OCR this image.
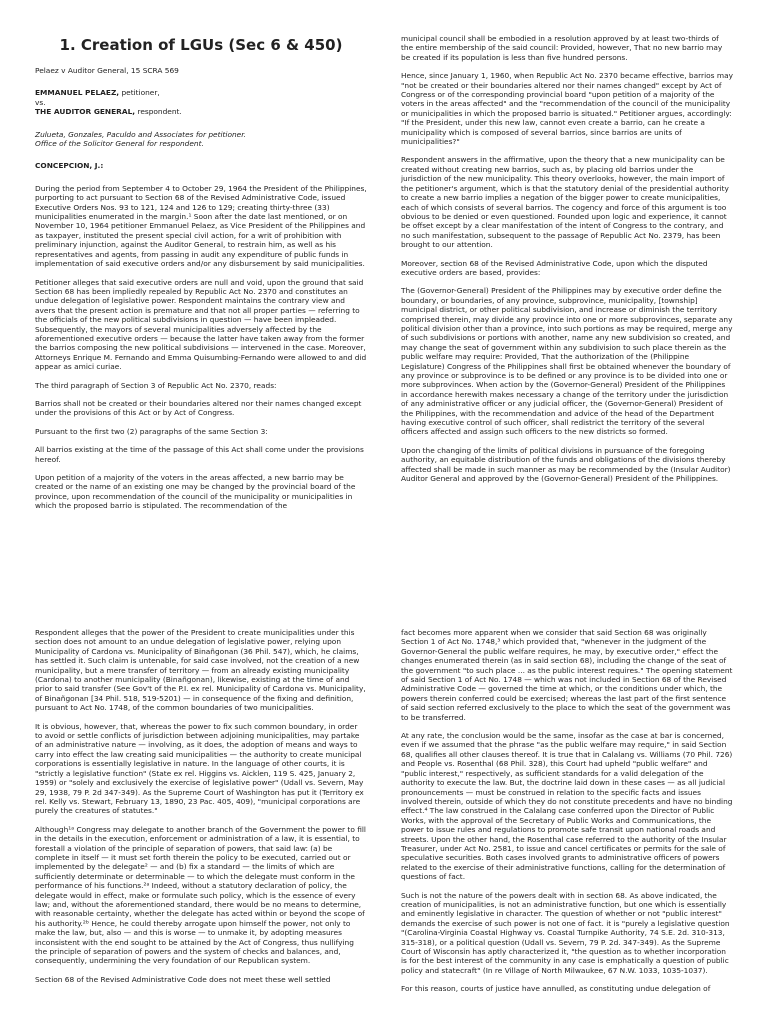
1. Creation of LGUs (Sec 6 & 450)

Pelaez v Auditor General, 15 SCRA 569

EMMANUEL PELAEZ, petitioner,
vs.
THE AUDITOR GENERAL, respondent.
Zulueta, Gonzales, Paculdo and Associates for petitioner.
Office of the Solicitor General for respondent.

CONCEPCION, J.:

During the period from September 4 to October 29, 1964 the President of the Philippines, purporting to act pursuant to Section 68 of the Revised Administrative Code, issued Executive Orders Nos. 93 to 121, 124 and 126 to 129; creating thirty-three (33) municipalities enumerated in the margin.¹ Soon after the date last mentioned, or on November 10, 1964 petitioner Emmanuel Pelaez, as Vice President of the Philippines and as taxpayer, instituted the present special civil action, for a writ of prohibition with preliminary injunction, against the Auditor General, to restrain him, as well as his representatives and agents, from passing in audit any expenditure of public funds in implementation of said executive orders and/or any disbursement by said municipalities.

Petitioner alleges that said executive orders are null and void, upon the ground that said Section 68 has been impliedly repealed by Republic Act No. 2370 and constitutes an undue delegation of legislative power. Respondent maintains the contrary view and avers that the present action is premature and that not all proper parties — referring to the officials of the new political subdivisions in question — have been impleaded. Subsequently, the mayors of several municipalities adversely affected by the aforementioned executive orders — because the latter have taken away from the former the barrios composing the new political subdivisions — intervened in the case. Moreover, Attorneys Enrique M. Fernando and Emma Quisumbing-Fernando were allowed to and did appear as amici curiae.

The third paragraph of Section 3 of Republic Act No. 2370, reads:

Barrios shall not be created or their boundaries altered nor their names changed except under the provisions of this Act or by Act of Congress.

Pursuant to the first two (2) paragraphs of the same Section 3:

All barrios existing at the time of the passage of this Act shall come under the provisions hereof.

Upon petition of a majority of the voters in the areas affected, a new barrio may be created or the name of an existing one may be changed by the provincial board of the province, upon recommendation of the council of the municipality or municipalities in which the proposed barrio is stipulated. The recommendation of the

municipal council shall be embodied in a resolution approved by at least two-thirds of the entire membership of the said council: Provided, however, That no new barrio may be created if its population is less than five hundred persons.

Hence, since January 1, 1960, when Republic Act No. 2370 became effective, barrios may "not be created or their boundaries altered nor their names changed" except by Act of Congress or of the corresponding provincial board "upon petition of a majority of the voters in the areas affected" and the "recommendation of the council of the municipality or municipalities in which the proposed barrio is situated." Petitioner argues, accordingly: "If the President, under this new law, cannot even create a barrio, can he create a municipality which is composed of several barrios, since barrios are units of municipalities?"

Respondent answers in the affirmative, upon the theory that a new municipality can be created without creating new barrios, such as, by placing old barrios under the jurisdiction of the new municipality. This theory overlooks, however, the main import of the petitioner's argument, which is that the statutory denial of the presidential authority to create a new barrio implies a negation of the bigger power to create municipalities, each of which consists of several barrios. The cogency and force of this argument is too obvious to be denied or even questioned. Founded upon logic and experience, it cannot be offset except by a clear manifestation of the intent of Congress to the contrary, and no such manifestation, subsequent to the passage of Republic Act No. 2379, has been brought to our attention.

Moreover, section 68 of the Revised Administrative Code, upon which the disputed executive orders are based, provides:

The (Governor-General) President of the Philippines may by executive order define the boundary, or boundaries, of any province, subprovince, municipality, [township] municipal district, or other political subdivision, and increase or diminish the territory comprised therein, may divide any province into one or more subprovinces, separate any political division other than a province, into such portions as may be required, merge any of such subdivisions or portions with another, name any new subdivision so created, and may change the seat of government within any subdivision to such place therein as the public welfare may require: Provided, That the authorization of the (Philippine Legislature) Congress of the Philippines shall first be obtained whenever the boundary of any province or subprovince is to be defined or any province is to be divided into one or more subprovinces. When action by the (Governor-General) President of the Philippines in accordance herewith makes necessary a change of the territory under the jurisdiction of any administrative officer or any judicial officer, the (Governor-General) President of the Philippines, with the recommendation and advice of the head of the Department having executive control of such officer, shall redistrict the territory of the several officers affected and assign such officers to the new districts so formed.

Upon the changing of the limits of political divisions in pursuance of the foregoing authority, an equitable distribution of the funds and obligations of the divisions thereby affected shall be made in such manner as may be recommended by the (Insular Auditor) Auditor General and approved by the (Governor-General) President of the Philippines.

Respondent alleges that the power of the President to create municipalities under this section does not amount to an undue delegation of legislative power, relying upon Municipality of Cardona vs. Municipality of Binañgonan (36 Phil. 547), which, he claims, has settled it. Such claim is untenable, for said case involved, not the creation of a new municipality, but a mere transfer of territory — from an already existing municipality (Cardona) to another municipality (Binañgonan), likewise, existing at the time of and prior to said transfer (See Gov't of the P.I. ex rel. Municipality of Cardona vs. Municipality, of Binañgonan [34 Phil. 518, 519-5201) — in consequence of the fixing and definition, pursuant to Act No. 1748, of the common boundaries of two municipalities.

It is obvious, however, that, whereas the power to fix such common boundary, in order to avoid or settle conflicts of jurisdiction between adjoining municipalities, may partake of an administrative nature — involving, as it does, the adoption of means and ways to carry into effect the law creating said municipalities — the authority to create municipal corporations is essentially legislative in nature. In the language of other courts, it is "strictly a legislative function" (State ex rel. Higgins vs. Aicklen, 119 S. 425, January 2, 1959) or "solely and exclusively the exercise of legislative power" (Udall vs. Severn, May 29, 1938, 79 P. 2d 347-349). As the Supreme Court of Washington has put it (Territory ex rel. Kelly vs. Stewart, February 13, 1890, 23 Pac. 405, 409), "municipal corporations are purely the creatures of statutes."

Although¹ᵃ Congress may delegate to another branch of the Government the power to fill in the details in the execution, enforcement or administration of a law, it is essential, to forestall a violation of the principle of separation of powers, that said law: (a) be complete in itself — it must set forth therein the policy to be executed, carried out or implemented by the delegate² — and (b) fix a standard — the limits of which are sufficiently determinate or determinable — to which the delegate must conform in the performance of his functions.²ᵃ Indeed, without a statutory declaration of policy, the delegate would in effect, make or formulate such policy, which is the essence of every law; and, without the aforementioned standard, there would be no means to determine, with reasonable certainty, whether the delegate has acted within or beyond the scope of his authority.²ᵇ Hence, he could thereby arrogate upon himself the power, not only to make the law, but, also — and this is worse — to unmake it, by adopting measures inconsistent with the end sought to be attained by the Act of Congress, thus nullifying the principle of separation of powers and the system of checks and balances, and, consequently, undermining the very foundation of our Republican system.

Section 68 of the Revised Administrative Code does not meet these well settled

fact becomes more apparent when we consider that said Section 68 was originally Section 1 of Act No. 1748,³ which provided that, "whenever in the judgment of the Governor-General the public welfare requires, he may, by executive order," effect the changes enumerated therein (as in said section 68), including the change of the seat of the government "to such place ... as the public interest requires." The opening statement of said Section 1 of Act No. 1748 — which was not included in Section 68 of the Revised Administrative Code — governed the time at which, or the conditions under which, the powers therein conferred could be exercised; whereas the last part of the first sentence of said section referred exclusively to the place to which the seat of the government was to be transferred.

At any rate, the conclusion would be the same, insofar as the case at bar is concerned, even if we assumed that the phrase "as the public welfare may require," in said Section 68, qualifies all other clauses thereof. It is true that in Calalang vs. Williams (70 Phil. 726) and People vs. Rosenthal (68 Phil. 328), this Court had upheld "public welfare" and "public interest," respectively, as sufficient standards for a valid delegation of the authority to execute the law. But, the doctrine laid down in these cases — as all judicial pronouncements — must be construed in relation to the specific facts and issues involved therein, outside of which they do not constitute precedents and have no binding effect.⁴ The law construed in the Calalang case conferred upon the Director of Public Works, with the approval of the Secretary of Public Works and Communications, the power to issue rules and regulations to promote safe transit upon national roads and streets. Upon the other hand, the Rosenthal case referred to the authority of the Insular Treasurer, under Act No. 2581, to issue and cancel certificates or permits for the sale of speculative securities. Both cases involved grants to administrative officers of powers related to the exercise of their administrative functions, calling for the determination of questions of fact.

Such is not the nature of the powers dealt with in section 68. As above indicated, the creation of municipalities, is not an administrative function, but one which is essentially and eminently legislative in character. The question of whether or not "public interest" demands the exercise of such power is not one of fact. it is "purely a legislative question "(Carolina-Virginia Coastal Highway vs. Coastal Turnpike Authority, 74 S.E. 2d. 310-313, 315-318), or a political question (Udall vs. Severn, 79 P. 2d. 347-349). As the Supreme Court of Wisconsin has aptly characterized it, "the question as to whether incorporation is for the best interest of the community in any case is emphatically a question of public policy and statecraft" (In re Village of North Milwaukee, 67 N.W. 1033, 1035-1037).

For this reason, courts of justice have annulled, as constituting undue delegation of
